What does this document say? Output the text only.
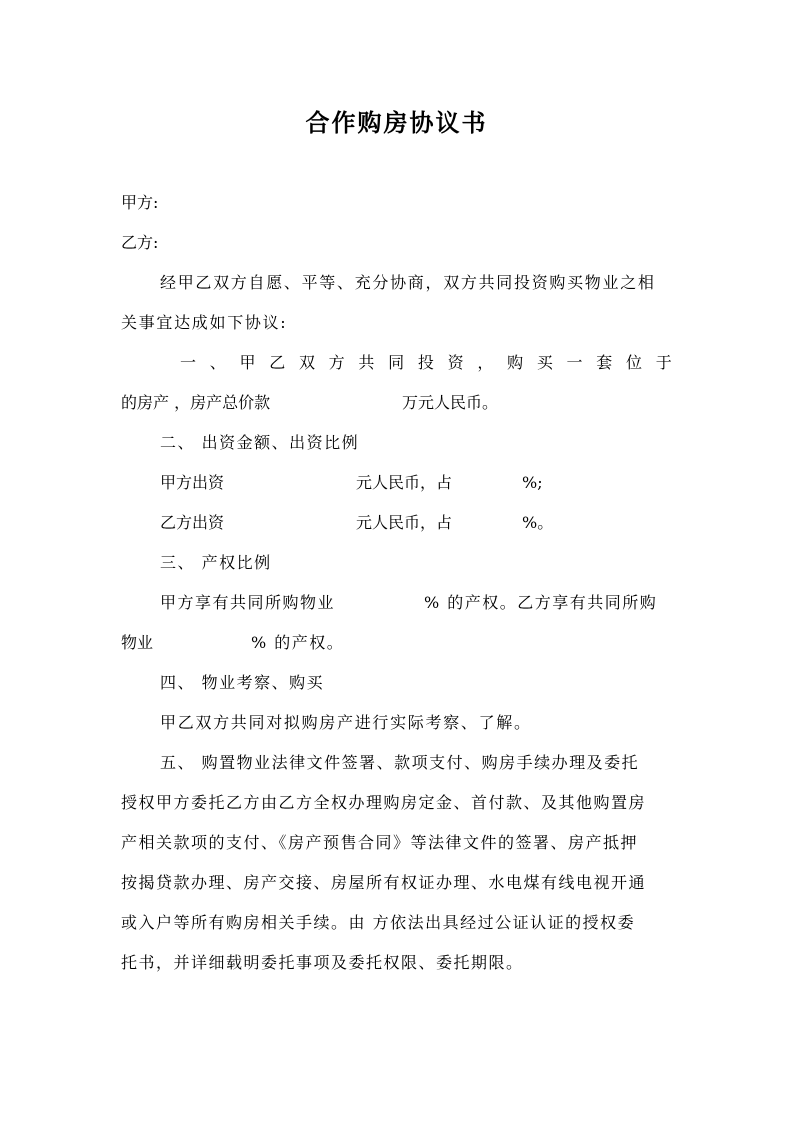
合作购房协议书
甲方:
乙方:
经甲乙双方自愿、平等、充分协商，双方共同投资购买物业之相
关事宜达成如下协议:
一 、 甲 乙 双 方 共 同 投 资 ， 购 买 一 套 位 于
的房产 ，房产总价款	万元人民币。
二、 出资金额、出资比例
甲方出资	元人民币，占	%;
乙方出资	元人民币，占	%。
三、 产权比例
甲方享有共同所购物业	% 的产权。乙方享有共同所购
物业	% 的产权。
四、 物业考察、购买
甲乙双方共同对拟购房产进行实际考察、了解。
五、 购置物业法律文件签署、款项支付、购房手续办理及委托
授权甲方委托乙方由乙方全权办理购房定金、首付款、及其他购置房
产相关款项的支付、《房产预售合同》等法律文件的签署、房产抵押
按揭贷款办理、房产交接、房屋所有权证办理、水电煤有线电视开通
或入户等所有购房相关手续。由 方依法出具经过公证认证的授权委
托书，并详细载明委托事项及委托权限、委托期限。
